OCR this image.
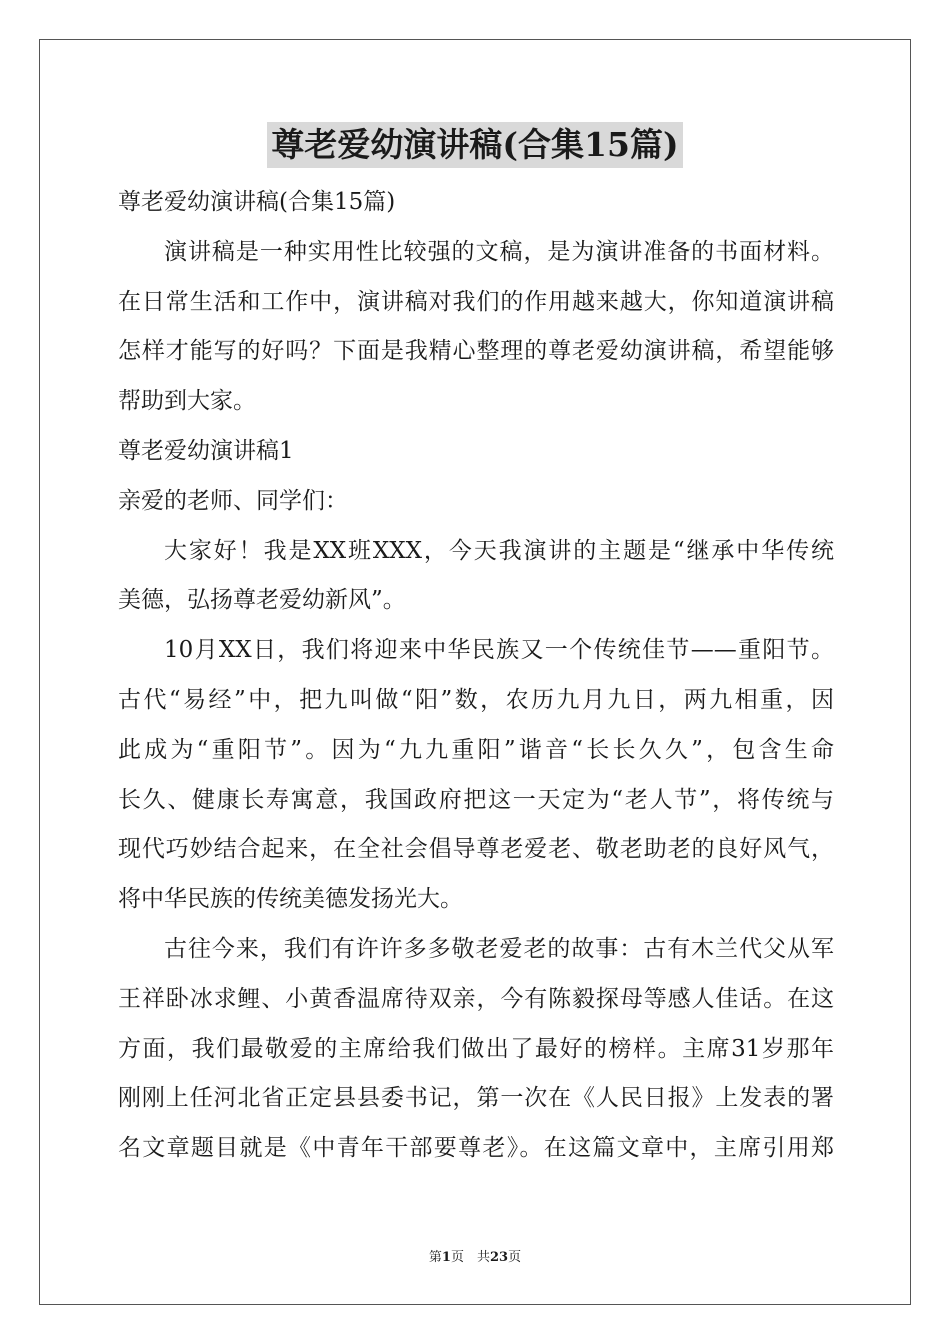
尊老爱幼演讲稿(合集15篇)
尊老爱幼演讲稿(合集15篇)
演讲稿是一种实用性比较强的文稿，是为演讲准备的书面材料。
在日常生活和工作中，演讲稿对我们的作用越来越大，你知道演讲稿
怎样才能写的好吗？下面是我精心整理的尊老爱幼演讲稿，希望能够
帮助到大家。
尊老爱幼演讲稿1
亲爱的老师、同学们：
大家好！我是XX班XXX，今天我演讲的主题是“继承中华传统
美德，弘扬尊老爱幼新风”。
10月XX日，我们将迎来中华民族又一个传统佳节——重阳节。
古代“易经”中，把九叫做“阳”数，农历九月九日，两九相重，因
此成为“重阳节”。因为“九九重阳”谐音“长长久久”，包含生命
长久、健康长寿寓意，我国政府把这一天定为“老人节”，将传统与
现代巧妙结合起来，在全社会倡导尊老爱老、敬老助老的良好风气，
将中华民族的传统美德发扬光大。
古往今来，我们有许许多多敬老爱老的故事：古有木兰代父从军
王祥卧冰求鲤、小黄香温席待双亲，今有陈毅探母等感人佳话。在这
方面，我们最敬爱的主席给我们做出了最好的榜样。主席31岁那年
刚刚上任河北省正定县县委书记，第一次在《人民日报》上发表的署
名文章题目就是《中青年干部要尊老》。在这篇文章中，主席引用郑
第1页　共23页
